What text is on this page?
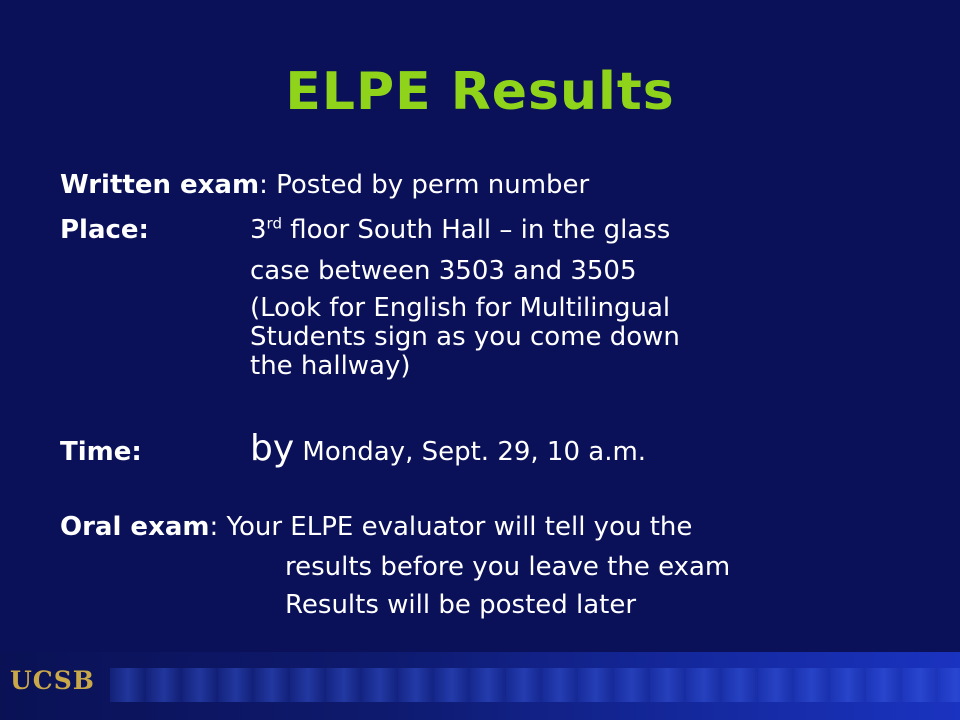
ELPE Results
Written exam: Posted by perm number
Place:	3rd floor South Hall – in the glass
case between 3503 and 3505
(Look for English for Multilingual
Students sign as you come down
the hallway)
Time:	by Monday, Sept. 29, 10 a.m.
Oral exam: Your ELPE evaluator will tell you the
results before you leave the exam
Results will be posted later
UCSB
